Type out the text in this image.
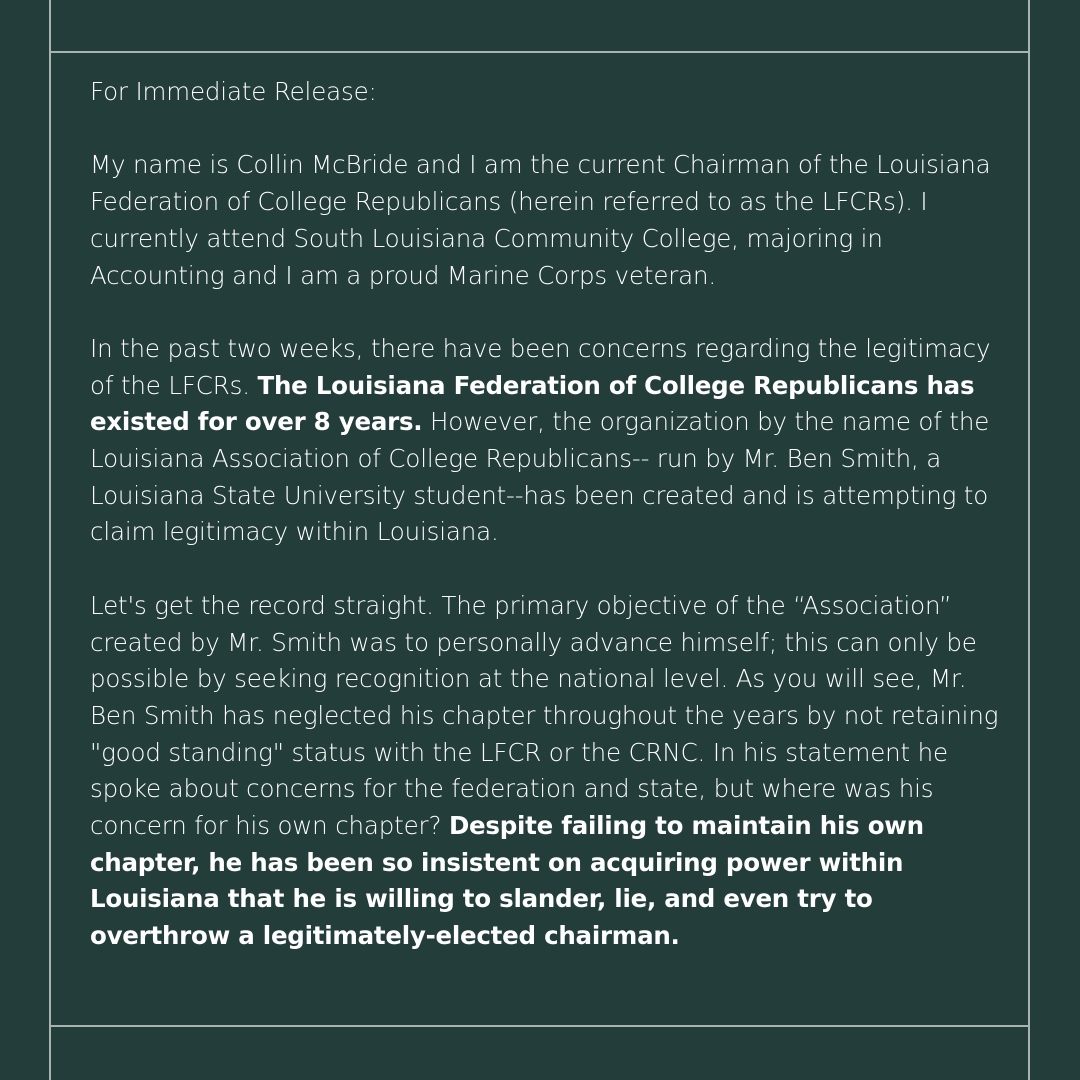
For Immediate Release:

My name is Collin McBride and I am the current Chairman of the Louisiana Federation of College Republicans (herein referred to as the LFCRs). I currently attend South Louisiana Community College, majoring in Accounting and I am a proud Marine Corps veteran.

In the past two weeks, there have been concerns regarding the legitimacy of the LFCRs. The Louisiana Federation of College Republicans has existed for over 8 years. However, the organization by the name of the Louisiana Association of College Republicans-- run by Mr. Ben Smith, a Louisiana State University student--has been created and is attempting to claim legitimacy within Louisiana.

Let's get the record straight. The primary objective of the “Association” created by Mr. Smith was to personally advance himself; this can only be possible by seeking recognition at the national level. As you will see, Mr. Ben Smith has neglected his chapter throughout the years by not retaining "good standing" status with the LFCR or the CRNC. In his statement he spoke about concerns for the federation and state, but where was his concern for his own chapter? Despite failing to maintain his own chapter, he has been so insistent on acquiring power within Louisiana that he is willing to slander, lie, and even try to overthrow a legitimately-elected chairman.
